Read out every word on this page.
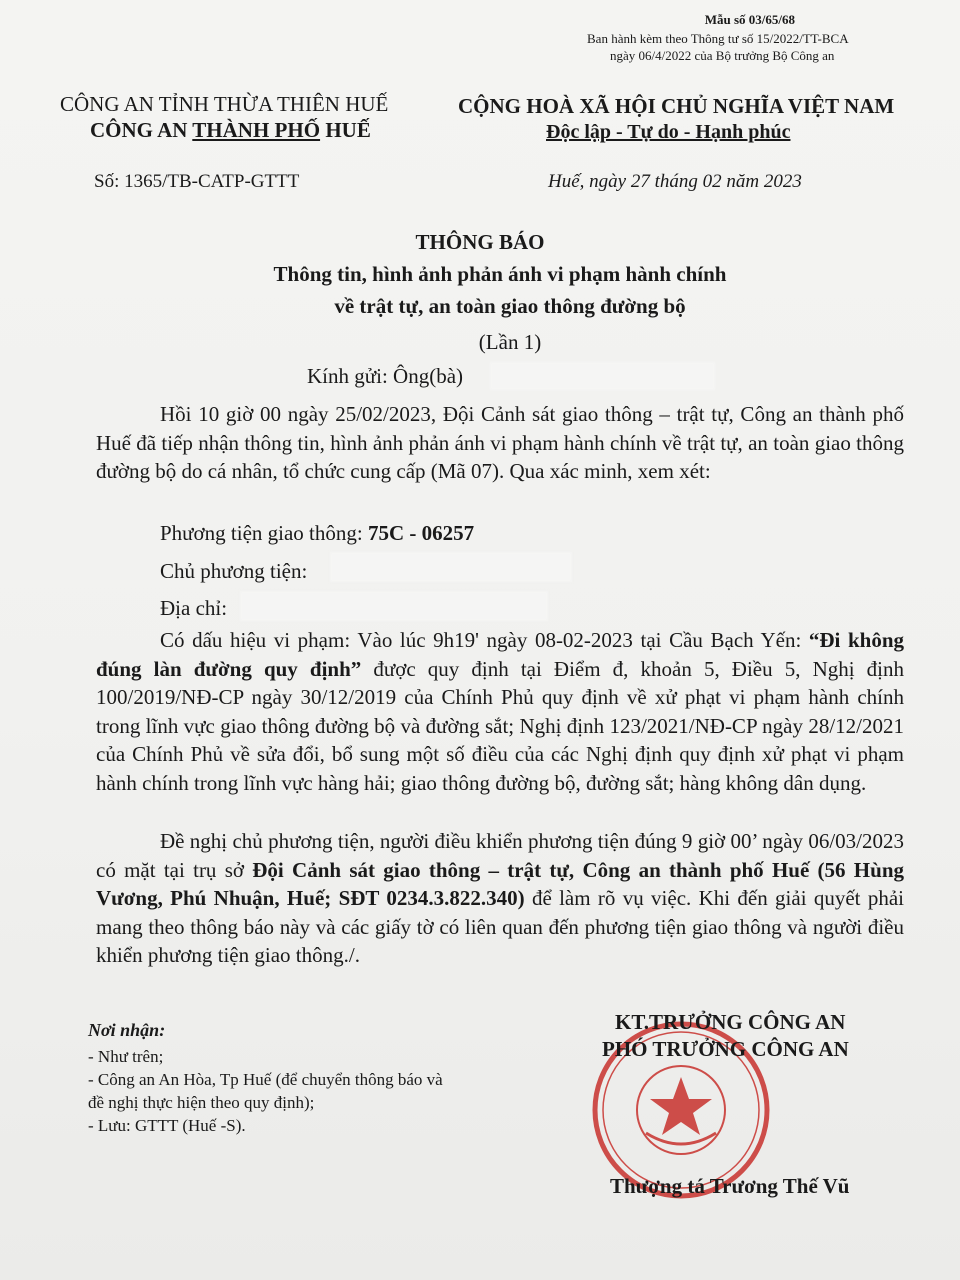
Mẫu số 03/65/68
Ban hành kèm theo Thông tư số 15/2022/TT-BCA
ngày 06/4/2022 của Bộ trưởng Bộ Công an
CÔNG AN TỈNH THỪA THIÊN HUẾ
CÔNG AN THÀNH PHỐ HUẾ
CỘNG HOÀ XÃ HỘI CHỦ NGHĨA VIỆT NAM
Độc lập - Tự do - Hạnh phúc
Số: 1365/TB-CATP-GTTT	Huế, ngày 27 tháng 02 năm 2023
THÔNG BÁO
Thông tin, hình ảnh phản ánh vi phạm hành chính
về trật tự, an toàn giao thông đường bộ
(Lần 1)
Kính gửi: Ông(bà)
Hồi 10 giờ 00 ngày 25/02/2023, Đội Cảnh sát giao thông – trật tự, Công an thành phố Huế đã tiếp nhận thông tin, hình ảnh phản ánh vi phạm hành chính về trật tự, an toàn giao thông đường bộ do cá nhân, tổ chức cung cấp (Mã 07). Qua xác minh, xem xét:
Phương tiện giao thông: 75C - 06257
Chủ phương tiện:
Địa chỉ:
Có dấu hiệu vi phạm: Vào lúc 9h19' ngày 08-02-2023 tại Cầu Bạch Yến: “Đi không đúng làn đường quy định” được quy định tại Điểm đ, khoản 5, Điều 5, Nghị định 100/2019/NĐ-CP ngày 30/12/2019 của Chính Phủ quy định về xử phạt vi phạm hành chính trong lĩnh vực giao thông đường bộ và đường sắt; Nghị định 123/2021/NĐ-CP ngày 28/12/2021 của Chính Phủ về sửa đổi, bổ sung một số điều của các Nghị định quy định xử phạt vi phạm hành chính trong lĩnh vực hàng hải; giao thông đường bộ, đường sắt; hàng không dân dụng.
Đề nghị chủ phương tiện, người điều khiển phương tiện đúng 9 giờ 00’ ngày 06/03/2023 có mặt tại trụ sở Đội Cảnh sát giao thông – trật tự, Công an thành phố Huế (56 Hùng Vương, Phú Nhuận, Huế; SĐT 0234.3.822.340) để làm rõ vụ việc. Khi đến giải quyết phải mang theo thông báo này và các giấy tờ có liên quan đến phương tiện giao thông và người điều khiển phương tiện giao thông./.
Nơi nhận:
- Như trên;
- Công an An Hòa, Tp Huế (để chuyển thông báo và
đề nghị thực hiện theo quy định);
- Lưu: GTTT (Huế -S).
KT.TRƯỞNG CÔNG AN
PHÓ TRƯỞNG CÔNG AN
Thượng tá Trương Thế Vũ
